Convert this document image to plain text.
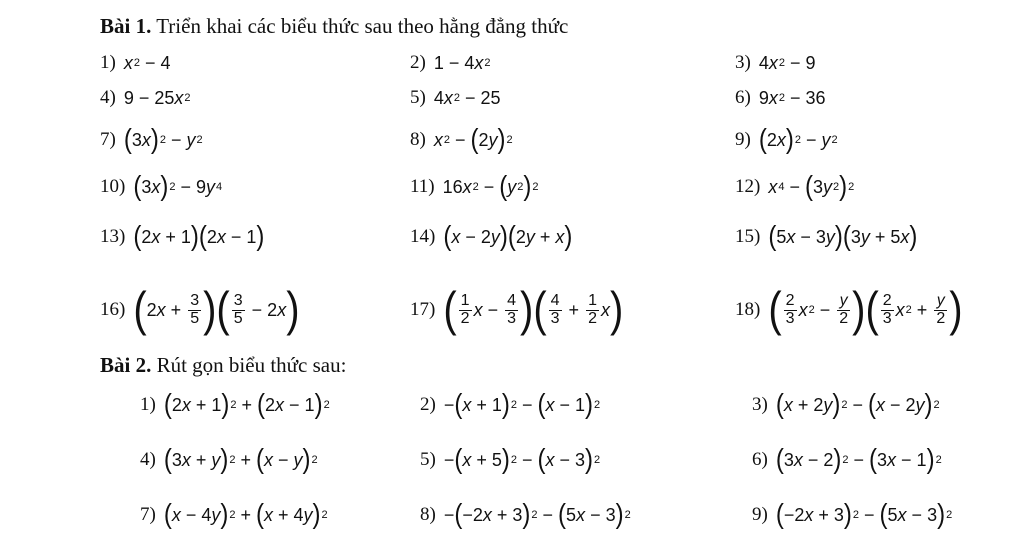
Bài 1. Triển khai các biểu thức sau theo hằng đẳng thức
1) x 2 − 4	2) 1 − 4 x 2	3) 4 x 2 − 9
4) 9 − 2 5 x 2	5) 4 x 2 − 2 5	6) 9 x 2 − 3 6
7) ( 3 x ) 2 − y 2	8) x 2 − ( 2 y ) 2	9) ( 2 x ) 2 − y 2
10) ( 3 x ) 2 − 9 y 4	11) 1 6 x 2 − ( y 2 ) 2	12) x 4 − ( 3 y 2 ) 2
13) ( 2 x + 1 ) ( 2 x − 1 )	14) ( x − 2 y ) ( 2 y + x )	15) ( 5 x − 3 y ) ( 3 y + 5 x )
16) ( 2 $x + \frac{3}{5}$ ) ( $\frac{3}{5} - 2$ x )	17) ( $\frac{1}{2}$ $x - \frac{4}{3}$ ) ( $\frac{4}{3} + \frac{1}{2}$ x )	18) ( $\frac{2}{3}$ x $2 - \frac{y}{2}$ ) ( $\frac{2}{3}$ x $2 + \frac{y}{2}$ )
Bài 2. Rút gọn biểu thức sau:
1) ( 2 x + 1 ) 2 + ( 2 x − 1 ) 2	2) − ( x + 1 ) 2 − ( x − 1 ) 2	3) ( x + 2 y ) 2 − ( x − 2 y ) 2
4) ( 3 x + y ) 2 + ( x − y ) 2	5) − ( x + 5 ) 2 − ( x − 3 ) 2	6) ( 3 x − 2 ) 2 − ( 3 x − 1 ) 2
7) ( x − 4 y ) 2 + ( x + 4 y ) 2	8) − ( − 2 x + 3 ) 2 − ( 5 x − 3 ) 2	9) ( − 2 x + 3 ) 2 − ( 5 x − 3 ) 2
